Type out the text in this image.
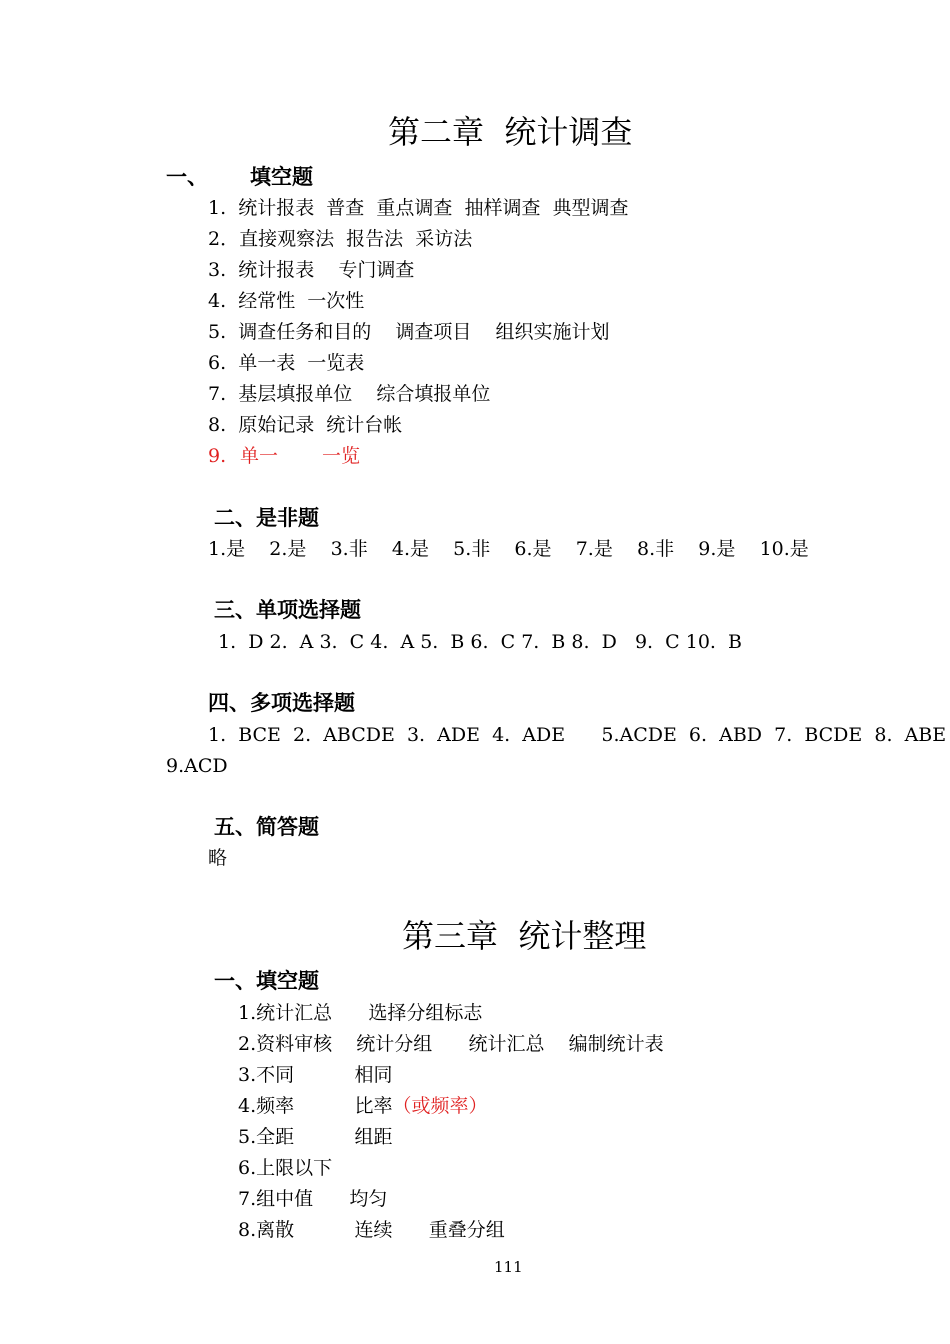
第二章  统计调查
一、 填空题
1.  统计报表  普查  重点调查  抽样调查  典型调查
2．直接观察法  报告法  采访法
3.  统计报表    专门调查
4.  经常性  一次性
5.  调查任务和目的    调查项目    组织实施计划
6.  单一表  一览表
7.  基层填报单位    综合填报单位
8.  原始记录  统计台帐
9. 单一 一览
二、是非题
1.是    2.是    3.非    4.是    5.非    6.是    7.是    8.非    9.是    10.是
三、单项选择题
1.  D 2.  A 3.  C 4.  A 5.  B 6.  C 7.  B 8.  D   9.  C 10.  B
四、多项选择题
1.  BCE  2.  ABCDE  3.  ADE  4.  ADE      5.ACDE  6.  ABD  7.  BCDE  8.  ABE
9.ACD
五、简答题
略
第三章  统计整理
一、填空题
1.统计汇总      选择分组标志
2.资料审核    统计分组      统计汇总    编制统计表
3.不同          相同
4.频率          比率（或频率）
5.全距          组距
6.上限以下
7.组中值      均匀
8.离散          连续      重叠分组
111
